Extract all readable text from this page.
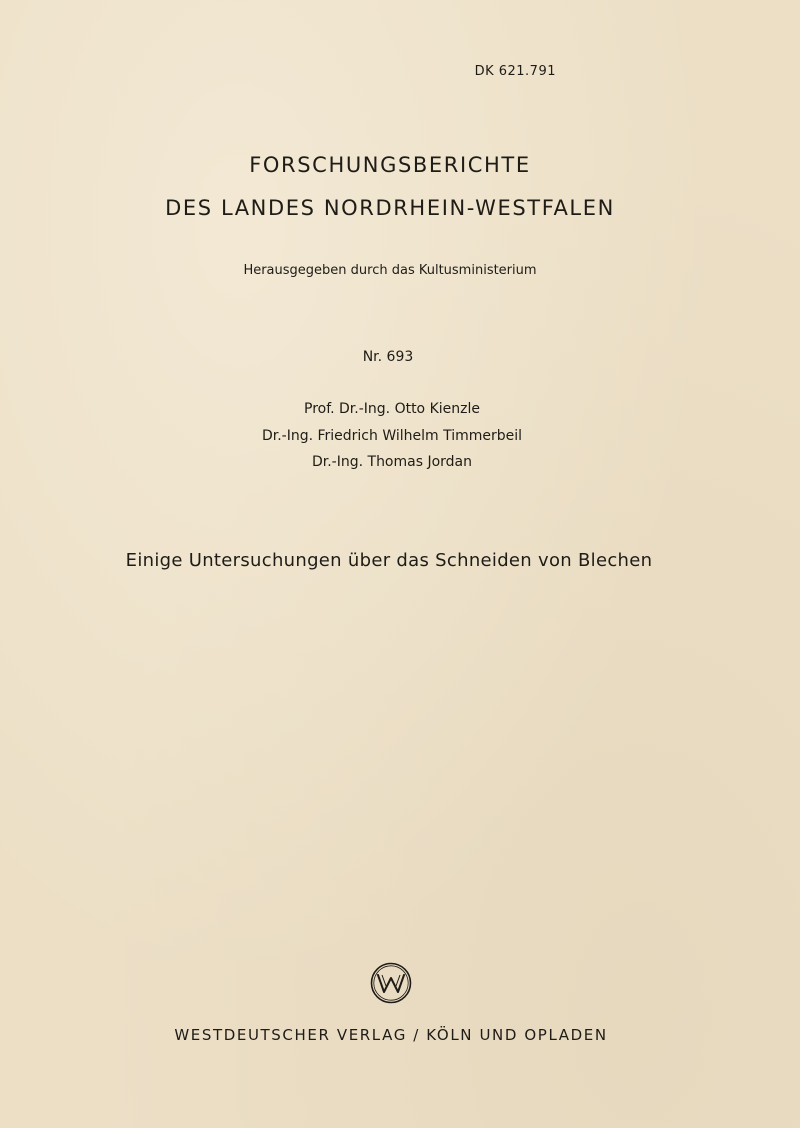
DK 621.791
FORSCHUNGSBERICHTE
DES LANDES NORDRHEIN-WESTFALEN
Herausgegeben durch das Kultusministerium
Nr. 693
Prof. Dr.-Ing. Otto Kienzle
Dr.-Ing. Friedrich Wilhelm Timmerbeil
Dr.-Ing. Thomas Jordan
Einige Untersuchungen über das Schneiden von Blechen
WESTDEUTSCHER VERLAG / KÖLN UND OPLADEN
